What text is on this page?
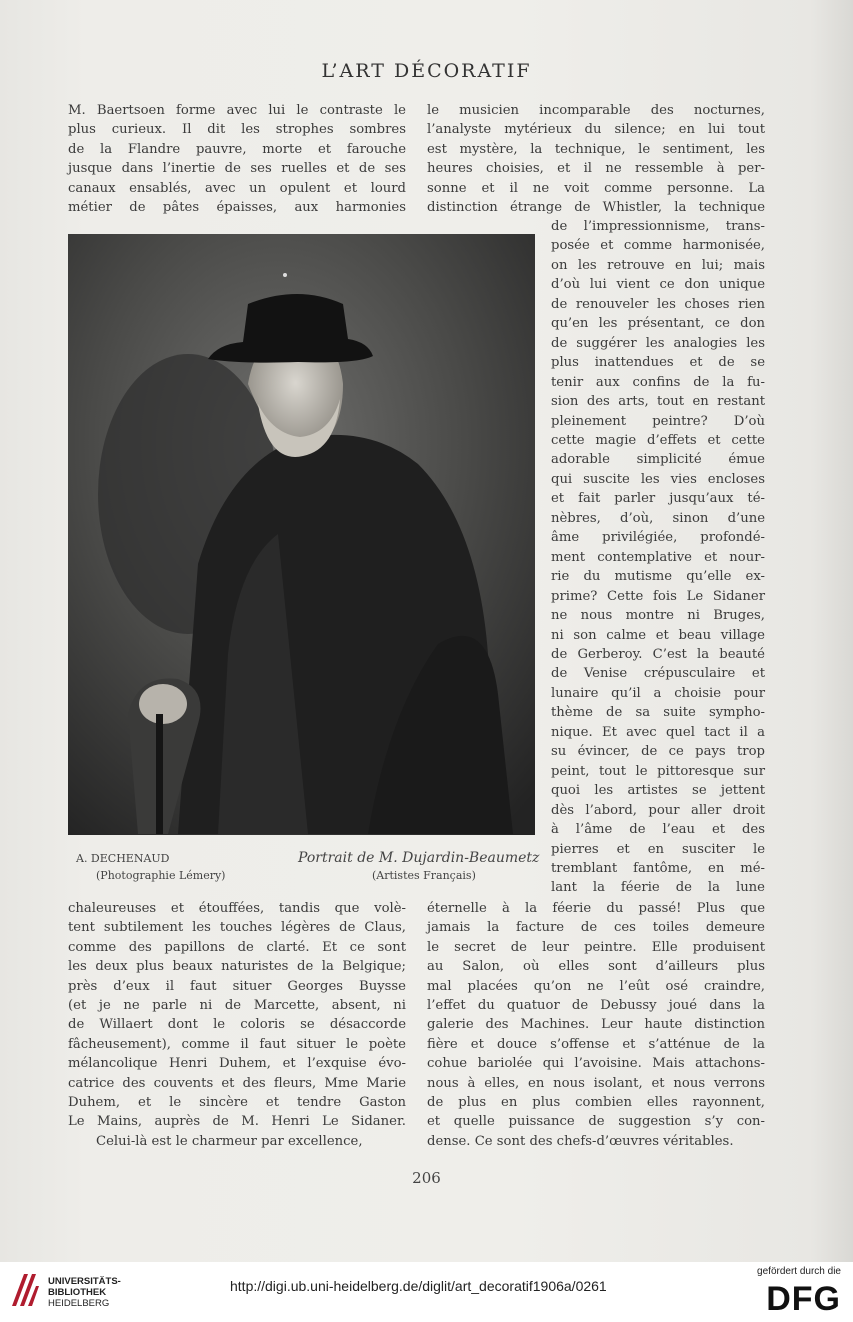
L’ART DÉCORATIF
M. Baertsoen forme avec lui le contraste le
plus curieux. Il dit les strophes sombres
de la Flandre pauvre, morte et farouche
jusque dans l’inertie de ses ruelles et de ses
canaux ensablés, avec un opulent et lourd
métier de pâtes épaisses, aux harmonies
le musicien incomparable des nocturnes,
l’analyste mytérieux du silence; en lui tout
est mystère, la technique, le sentiment, les
heures choisies, et il ne ressemble à per-
sonne et il ne voit comme personne. La
distinction étrange de Whistler, la technique
de l’impressionnisme, trans-
posée et comme harmonisée,
on les retrouve en lui; mais
d’où lui vient ce don unique
de renouveler les choses rien
qu’en les présentant, ce don
de suggérer les analogies les
plus inattendues et de se
tenir aux confins de la fu-
sion des arts, tout en restant
pleinement peintre? D’où
cette magie d’effets et cette
adorable simplicité émue
qui suscite les vies encloses
et fait parler jusqu’aux té-
nèbres, d’où, sinon d’une
âme privilégiée, profondé-
ment contemplative et nour-
rie du mutisme qu’elle ex-
prime? Cette fois Le Sidaner
ne nous montre ni Bruges,
ni son calme et beau village
de Gerberoy. C’est la beauté
de Venise crépusculaire et
lunaire qu’il a choisie pour
thème de sa suite sympho-
nique. Et avec quel tact il a
su évincer, de ce pays trop
peint, tout le pittoresque sur
quoi les artistes se jettent
dès l’abord, pour aller droit
à l’âme de l’eau et des
pierres et en susciter le
tremblant fantôme, en mé-
lant la féerie de la lune
A. DECHENAUD
(Photographie Lémery)
Portrait de M. Dujardin-Beaumetz
(Artistes Français)
chaleureuses et étouffées, tandis que volè-
tent subtilement les touches légères de Claus,
comme des papillons de clarté. Et ce sont
les deux plus beaux naturistes de la Belgique;
près d’eux il faut situer Georges Buysse
(et je ne parle ni de Marcette, absent, ni
de Willaert dont le coloris se désaccorde
fâcheusement), comme il faut situer le poète
mélancolique Henri Duhem, et l’exquise évo-
catrice des couvents et des fleurs, Mme Marie
Duhem, et le sincère et tendre Gaston
Le Mains, auprès de M. Henri Le Sidaner.
Celui-là est le charmeur par excellence,
éternelle à la féerie du passé! Plus que
jamais la facture de ces toiles demeure
le secret de leur peintre. Elle produisent
au Salon, où elles sont d’ailleurs plus
mal placées qu’on ne l’eût osé craindre,
l’effet du quatuor de Debussy joué dans la
galerie des Machines. Leur haute distinction
fière et douce s’offense et s’atténue de la
cohue bariolée qui l’avoisine. Mais attachons-
nous à elles, en nous isolant, et nous verrons
de plus en plus combien elles rayonnent,
et quelle puissance de suggestion s’y con-
dense. Ce sont des chefs-d’œuvres véritables.
206
UNIVERSITÄTS-
BIBLIOTHEK
HEIDELBERG
http://digi.ub.uni-heidelberg.de/diglit/art_decoratif1906a/0261
gefördert durch die
DFG
